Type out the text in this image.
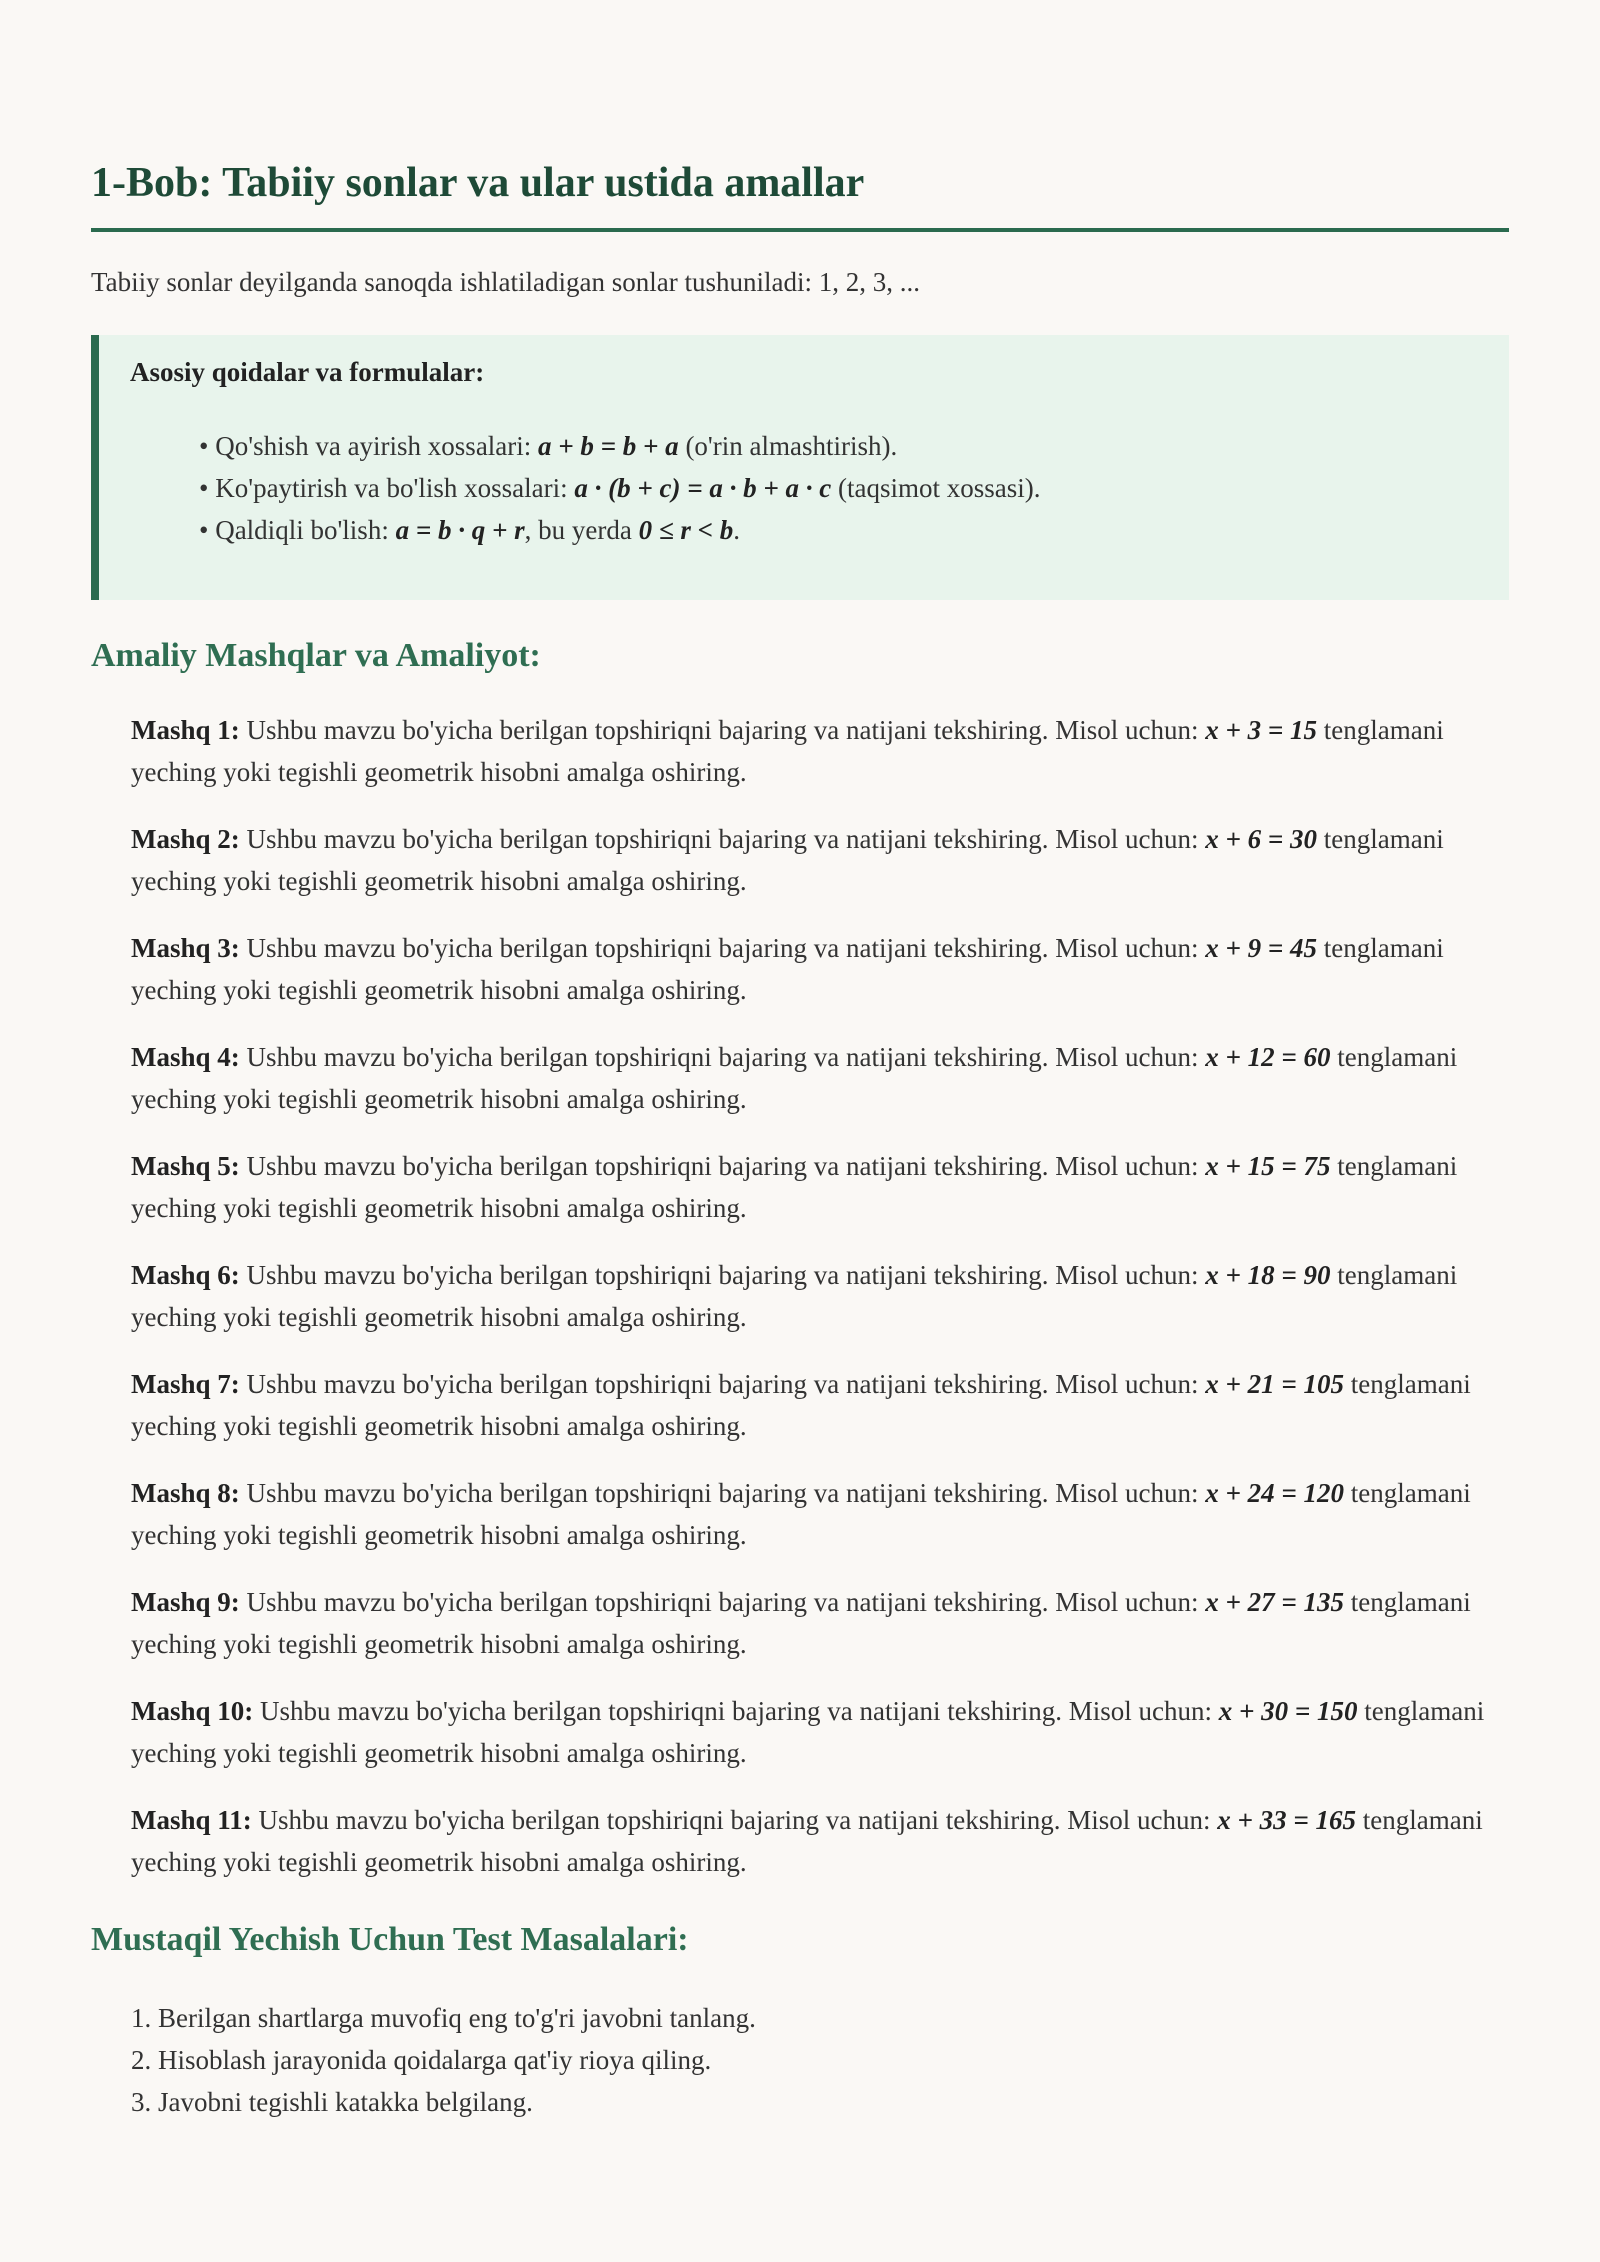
1-Bob: Tabiiy sonlar va ular ustida amallar

Tabiiy sonlar deyilganda sanoqda ishlatiladigan sonlar tushuniladi: 1, 2, 3, ...

Asosiy qoidalar va formulalar:
• Qo'shish va ayirish xossalari: a + b = b + a (o'rin almashtirish).
• Ko'paytirish va bo'lish xossalari: a · (b + c) = a · b + a · c (taqsimot xossasi).
• Qaldiqli bo'lish: a = b · q + r, bu yerda 0 ≤ r < b.
Amaliy Mashqlar va Amaliyot:

Mashq 1: Ushbu mavzu bo'yicha berilgan topshiriqni bajaring va natijani tekshiring. Misol uchun: x + 3 = 15 tenglamani yeching yoki tegishli geometrik hisobni amalga oshiring.

Mashq 2: Ushbu mavzu bo'yicha berilgan topshiriqni bajaring va natijani tekshiring. Misol uchun: x + 6 = 30 tenglamani yeching yoki tegishli geometrik hisobni amalga oshiring.

Mashq 3: Ushbu mavzu bo'yicha berilgan topshiriqni bajaring va natijani tekshiring. Misol uchun: x + 9 = 45 tenglamani yeching yoki tegishli geometrik hisobni amalga oshiring.

Mashq 4: Ushbu mavzu bo'yicha berilgan topshiriqni bajaring va natijani tekshiring. Misol uchun: x + 12 = 60 tenglamani yeching yoki tegishli geometrik hisobni amalga oshiring.

Mashq 5: Ushbu mavzu bo'yicha berilgan topshiriqni bajaring va natijani tekshiring. Misol uchun: x + 15 = 75 tenglamani yeching yoki tegishli geometrik hisobni amalga oshiring.

Mashq 6: Ushbu mavzu bo'yicha berilgan topshiriqni bajaring va natijani tekshiring. Misol uchun: x + 18 = 90 tenglamani yeching yoki tegishli geometrik hisobni amalga oshiring.

Mashq 7: Ushbu mavzu bo'yicha berilgan topshiriqni bajaring va natijani tekshiring. Misol uchun: x + 21 = 105 tenglamani yeching yoki tegishli geometrik hisobni amalga oshiring.

Mashq 8: Ushbu mavzu bo'yicha berilgan topshiriqni bajaring va natijani tekshiring. Misol uchun: x + 24 = 120 tenglamani yeching yoki tegishli geometrik hisobni amalga oshiring.

Mashq 9: Ushbu mavzu bo'yicha berilgan topshiriqni bajaring va natijani tekshiring. Misol uchun: x + 27 = 135 tenglamani yeching yoki tegishli geometrik hisobni amalga oshiring.

Mashq 10: Ushbu mavzu bo'yicha berilgan topshiriqni bajaring va natijani tekshiring. Misol uchun: x + 30 = 150 tenglamani yeching yoki tegishli geometrik hisobni amalga oshiring.

Mashq 11: Ushbu mavzu bo'yicha berilgan topshiriqni bajaring va natijani tekshiring. Misol uchun: x + 33 = 165 tenglamani yeching yoki tegishli geometrik hisobni amalga oshiring.

Mustaqil Yechish Uchun Test Masalalari:
1. Berilgan shartlarga muvofiq eng to'g'ri javobni tanlang.
2. Hisoblash jarayonida qoidalarga qat'iy rioya qiling.
3. Javobni tegishli katakka belgilang.
